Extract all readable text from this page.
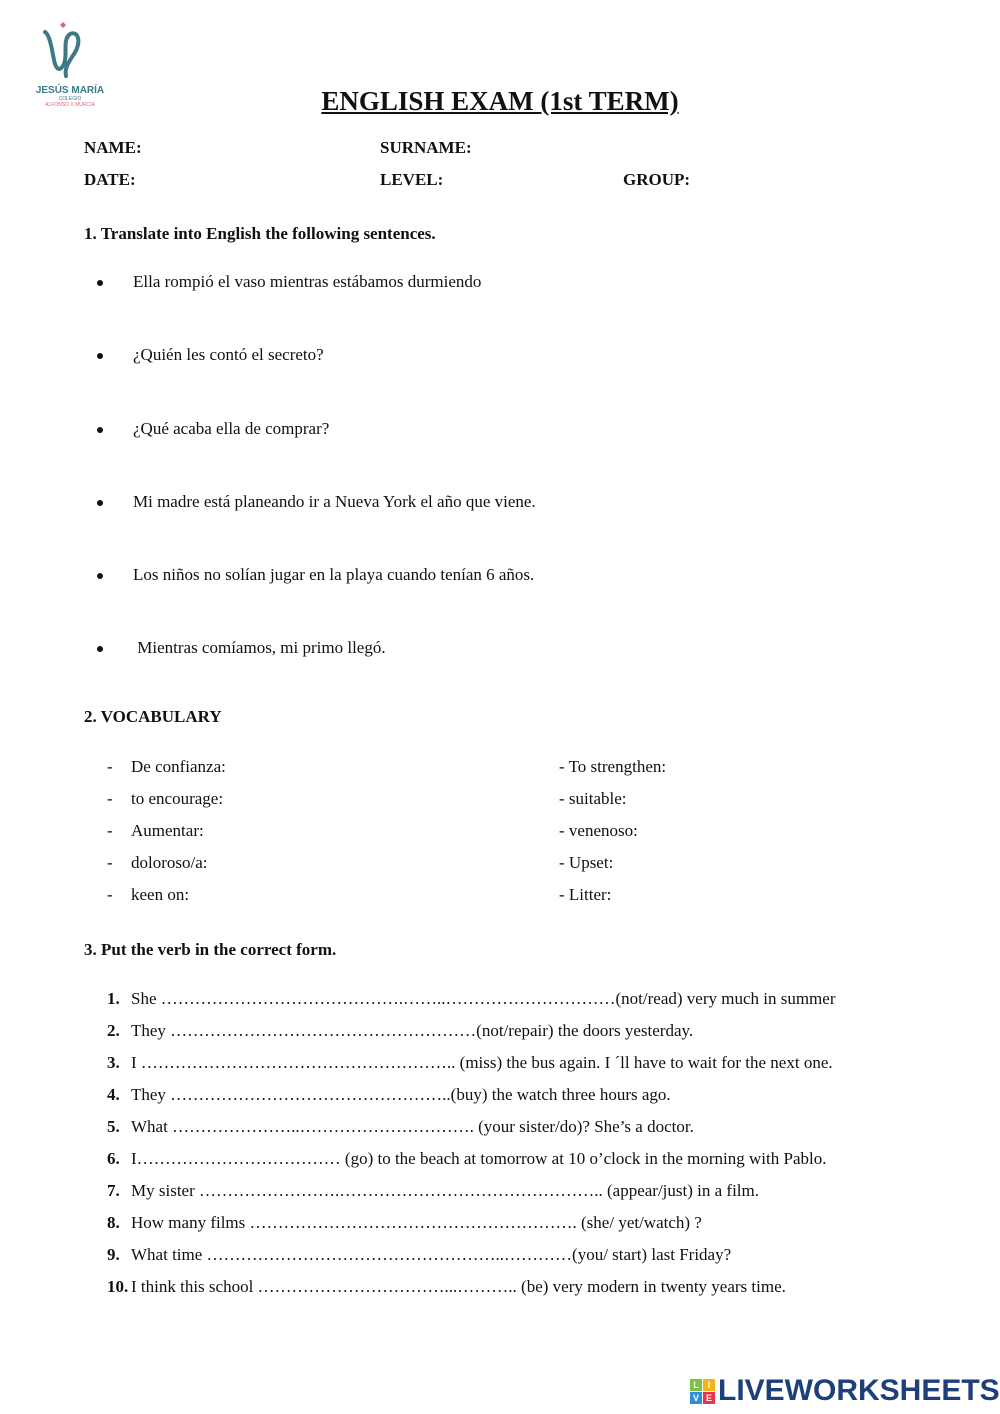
JESÚS MARÍA
COLEGIO
ALFONSO X MURCIA	ENGLISH EXAM (1st TERM)
NAME:	SURNAME:
DATE:	LEVEL:	GROUP:
1. Translate into English the following sentences.
Ella rompió el vaso mientras estábamos durmiendo
¿Quién les contó el secreto?
¿Qué acaba ella de comprar?
Mi madre está planeando ir a Nueva York el año que viene.
Los niños no solían jugar en la playa cuando tenían 6 años.
Mientras comíamos, mi primo llegó.
2. VOCABULARY
- De confianza:	- To strengthen:
- to encourage:	- suitable:
- Aumentar:	- venenoso:
- doloroso/a:	- Upset:
- keen on:	- Litter:
3. Put the verb in the correct form.
1. She …………………………………….……..…………………………(not/read) very much in summer
2. They ………………………………………………(not/repair) the doors yesterday.
3. I ……………………………………………….. (miss) the bus again. I ´ll have to wait for the next one.
4. They …………………………………………..(buy) the watch three hours ago.
5. What …………………..…………………………. (your sister/do)? She’s a doctor.
6. I……………………………… (go) to the beach at tomorrow at 10 o’clock in the morning with Pablo.
7. My sister …………………….……………………………………….. (appear/just) in a film.
8. How many films …………………………………………………. (she/ yet/watch) ?
9. What time ……………………………………………..…………(you/ start) last Friday?
10. I think this school ……………………………...……….. (be) very modern in twenty years time.
L I
V E LIVEWORKSHEETS
